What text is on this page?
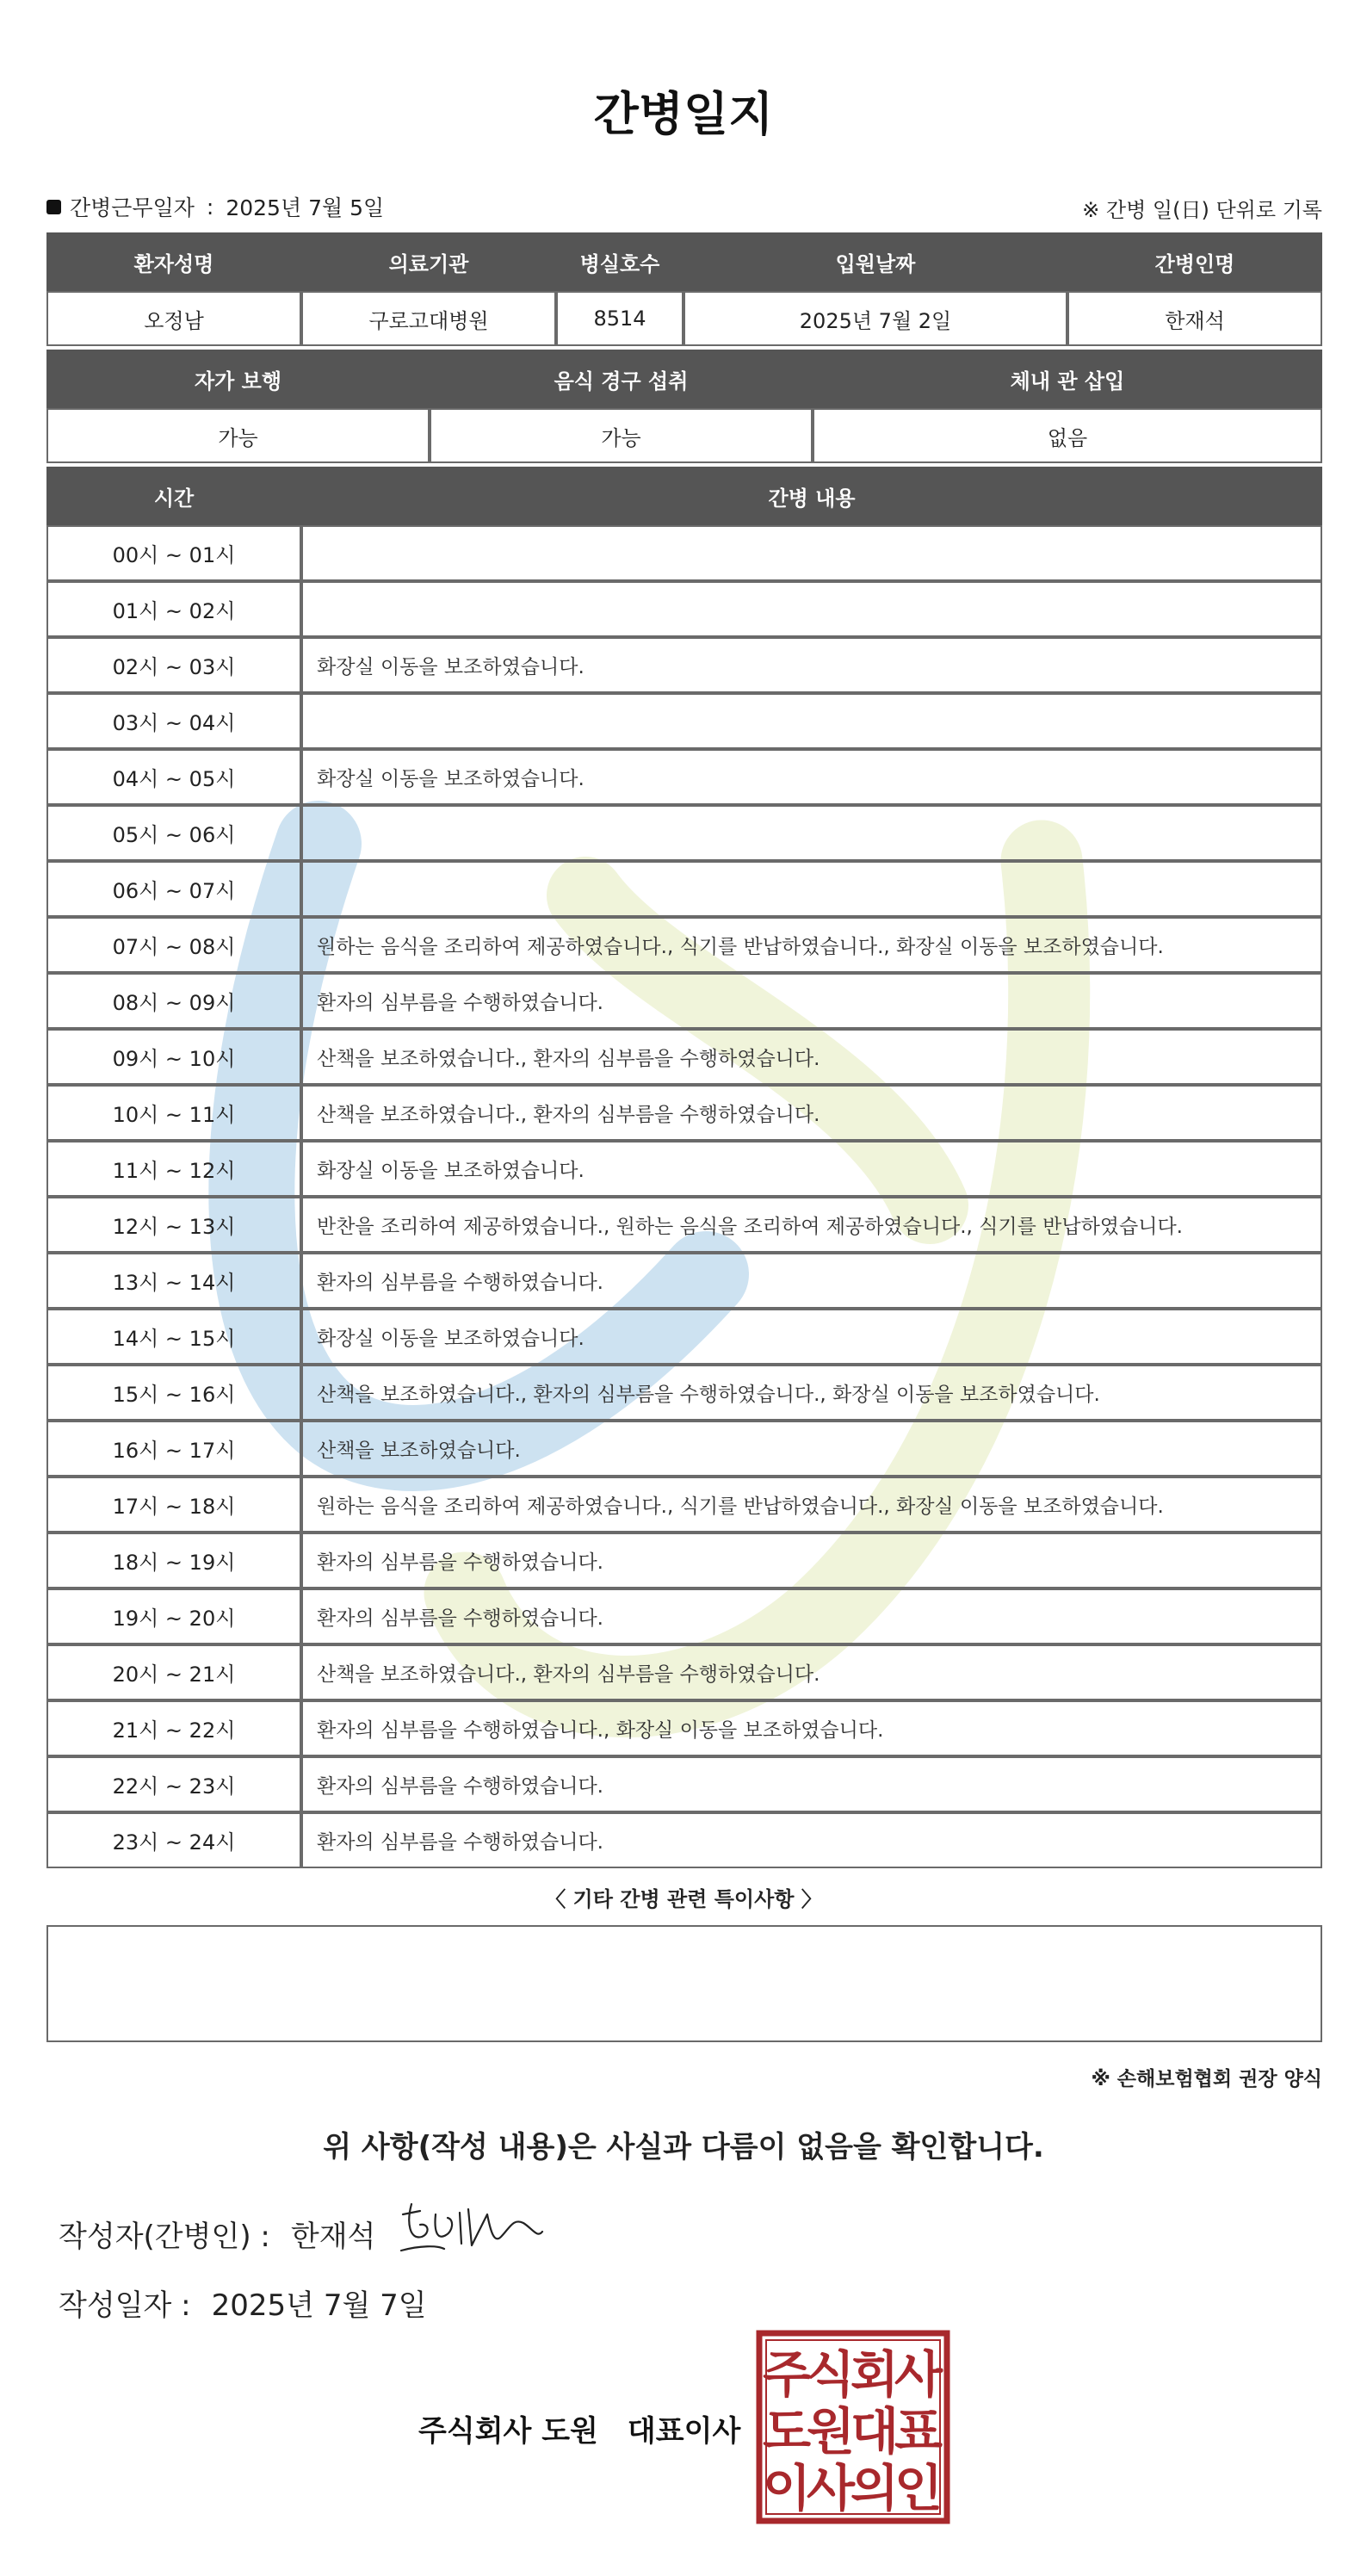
간병일지
간병근무일자 : 2025년 7월 5일	※ 간병 일(日) 단위로 기록
환자성명	의료기관	병실호수	입원날짜	간병인명
오정남	구로고대병원	8514	2025년 7월 2일	한재석
자가 보행	음식 경구 섭취	체내 관 삽입
가능	가능	없음
시간	간병 내용
00시 ~ 01시	
01시 ~ 02시	
02시 ~ 03시	화장실 이동을 보조하였습니다.
03시 ~ 04시	
04시 ~ 05시	화장실 이동을 보조하였습니다.
05시 ~ 06시	
06시 ~ 07시	
07시 ~ 08시	원하는 음식을 조리하여 제공하였습니다., 식기를 반납하였습니다., 화장실 이동을 보조하였습니다.
08시 ~ 09시	환자의 심부름을 수행하였습니다.
09시 ~ 10시	산책을 보조하였습니다., 환자의 심부름을 수행하였습니다.
10시 ~ 11시	산책을 보조하였습니다., 환자의 심부름을 수행하였습니다.
11시 ~ 12시	화장실 이동을 보조하였습니다.
12시 ~ 13시	반찬을 조리하여 제공하였습니다., 원하는 음식을 조리하여 제공하였습니다., 식기를 반납하였습니다.
13시 ~ 14시	환자의 심부름을 수행하였습니다.
14시 ~ 15시	화장실 이동을 보조하였습니다.
15시 ~ 16시	산책을 보조하였습니다., 환자의 심부름을 수행하였습니다., 화장실 이동을 보조하였습니다.
16시 ~ 17시	산책을 보조하였습니다.
17시 ~ 18시	원하는 음식을 조리하여 제공하였습니다., 식기를 반납하였습니다., 화장실 이동을 보조하였습니다.
18시 ~ 19시	환자의 심부름을 수행하였습니다.
19시 ~ 20시	환자의 심부름을 수행하였습니다.
20시 ~ 21시	산책을 보조하였습니다., 환자의 심부름을 수행하였습니다.
21시 ~ 22시	환자의 심부름을 수행하였습니다., 화장실 이동을 보조하였습니다.
22시 ~ 23시	환자의 심부름을 수행하였습니다.
23시 ~ 24시	환자의 심부름을 수행하였습니다.
〈 기타 간병 관련 특이사항 〉
※ 손해보험협회 권장 양식
위 사항(작성 내용)은 사실과 다름이 없음을 확인합니다.
작성자(간병인) : 한재석
작성일자 : 2025년 7월 7일
주식회사 도원 대표이사
주
식
회
사
도
원
대
표
이
사
의
인
